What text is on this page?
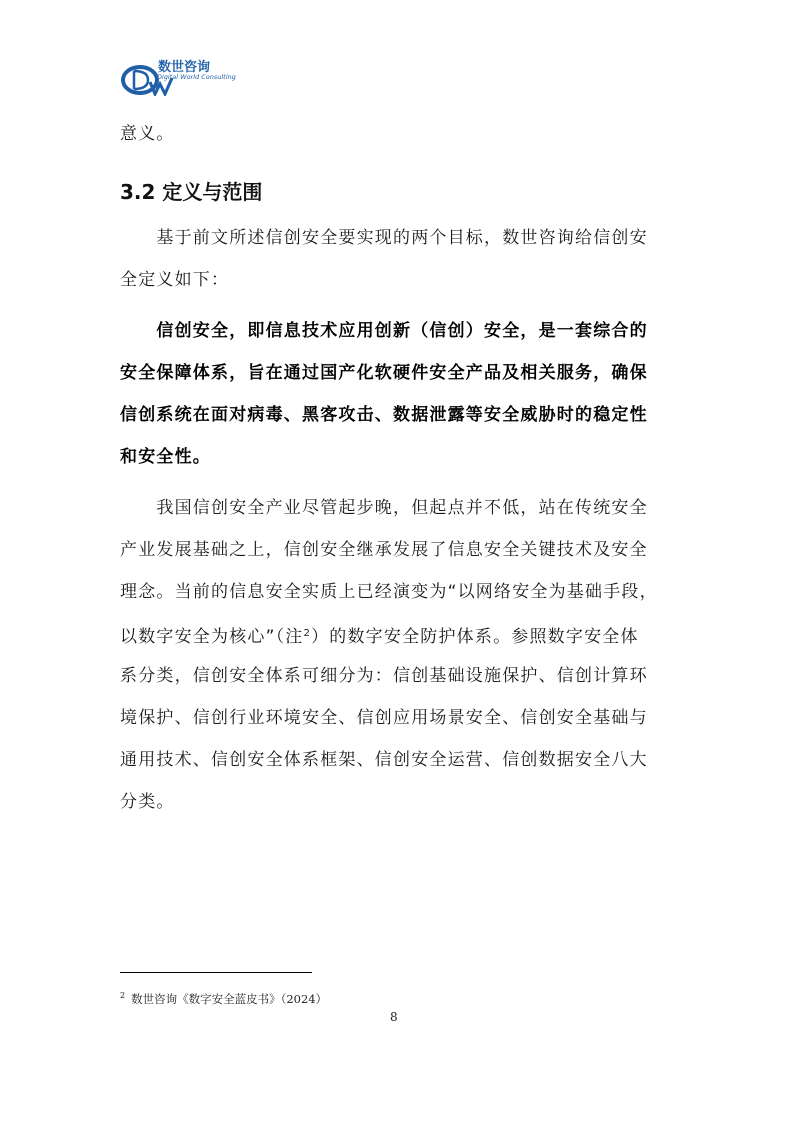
数世咨询
Digital World Consulting
意义。
3.2 定义与范围
　　基于前文所述信创安全要实现的两个目标，数世咨询给信创安
全定义如下：
　　信创安全，即信息技术应用创新（信创）安全，是一套综合的
安全保障体系，旨在通过国产化软硬件安全产品及相关服务，确保
信创系统在面对病毒、黑客攻击、数据泄露等安全威胁时的稳定性
和安全性。
　　我国信创安全产业尽管起步晚，但起点并不低，站在传统安全
产业发展基础之上，信创安全继承发展了信息安全关键技术及安全
理念。当前的信息安全实质上已经演变为“以网络安全为基础手段，
以数字安全为核心”（注$^2$）的数字安全防护体系。参照数字安全体
系分类，信创安全体系可细分为：信创基础设施保护、信创计算环
境保护、信创行业环境安全、信创应用场景安全、信创安全基础与
通用技术、信创安全体系框架、信创安全运营、信创数据安全八大
分类。
$^2$ 数世咨询《数字安全蓝皮书》（2024）
8
